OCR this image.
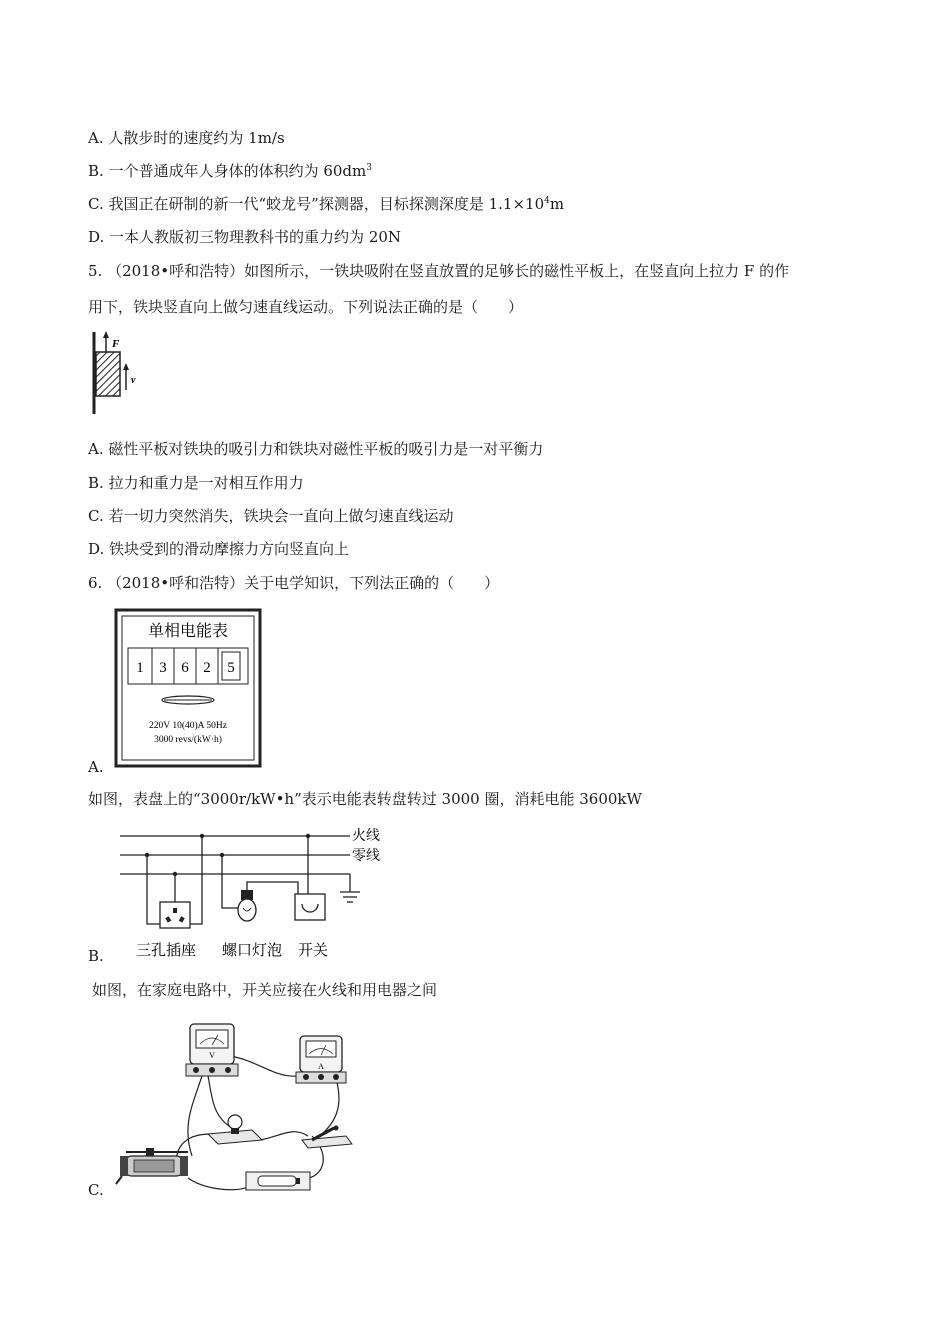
A. 人散步时的速度约为 1m/s
B. 一个普通成年人身体的体积约为 $60dm^3$
C. 我国正在研制的新一代“蛟龙号”探测器，目标探测深度是 $1.1\times 10^4m$
D. 一本人教版初三物理教科书的重力约为 20N
5. （2018•呼和浩特）如图所示，一铁块吸附在竖直放置的足够长的磁性平板上，在竖直向上拉力 F 的作
用下，铁块竖直向上做匀速直线运动。下列说法正确的是（　　）
F
v
A. 磁性平板对铁块的吸引力和铁块对磁性平板的吸引力是一对平衡力
B. 拉力和重力是一对相互作用力
C. 若一切力突然消失，铁块会一直向上做匀速直线运动
D. 铁块受到的滑动摩擦力方向竖直向上
6. （2018•呼和浩特）关于电学知识，下列法正确的（　　）
单相电能表
1 3 6 2 5
220V 10(40)A 50Hz
3000 revs/(kW·h)
A.
如图，表盘上的“3000r/kW•h”表示电能表转盘转过 3000 圈，消耗电能 3600kW
火线
零线
三孔插座 螺口灯泡 开关
B.
如图，在家庭电路中，开关应接在火线和用电器之间
V
A
C.
